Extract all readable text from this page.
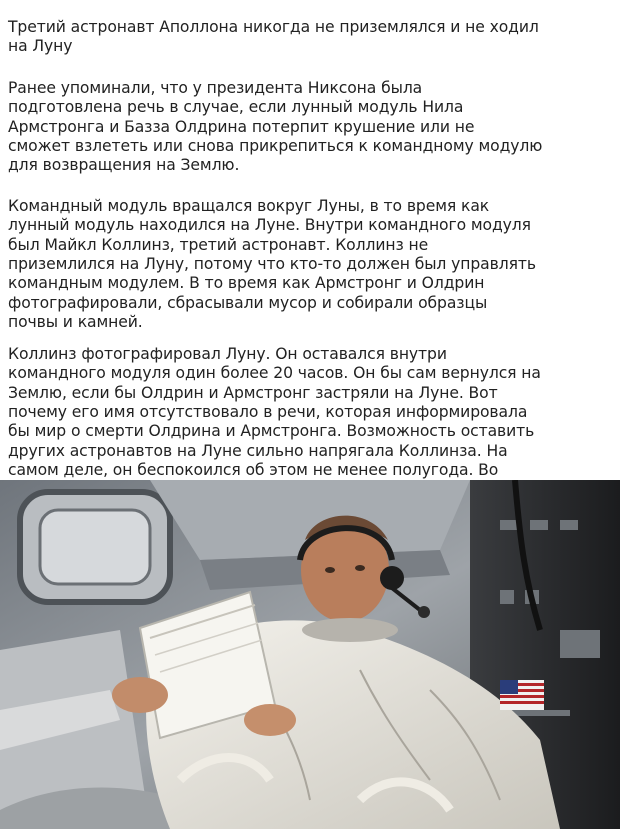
Третий астронавт Аполлона никогда не приземлялся и не ходил
на Луну

Ранее упоминали, что у президента Никсона была
подготовлена речь в случае, если лунный модуль Нила
Армстронга и Базза Олдрина потерпит крушение или не
сможет взлететь или снова прикрепиться к командному модулю
для возвращения на Землю.

Командный модуль вращался вокруг Луны, в то время как
лунный модуль находился на Луне. Внутри командного модуля
был Майкл Коллинз, третий астронавт. Коллинз не
приземлился на Луну, потому что кто-то должен был управлять
командным модулем. В то время как Армстронг и Олдрин
фотографировали, сбрасывали мусор и собирали образцы
почвы и камней.

Коллинз фотографировал Луну. Он оставался внутри
командного модуля один более 20 часов. Он бы сам вернулся на
Землю, если бы Олдрин и Армстронг застряли на Луне. Вот
почему его имя отсутствовало в речи, которая информировала
бы мир о смерти Олдрина и Армстронга. Возможность оставить
других астронавтов на Луне сильно напрягала Коллинза. На
самом деле, он беспокоился об этом не менее полугода. Во
